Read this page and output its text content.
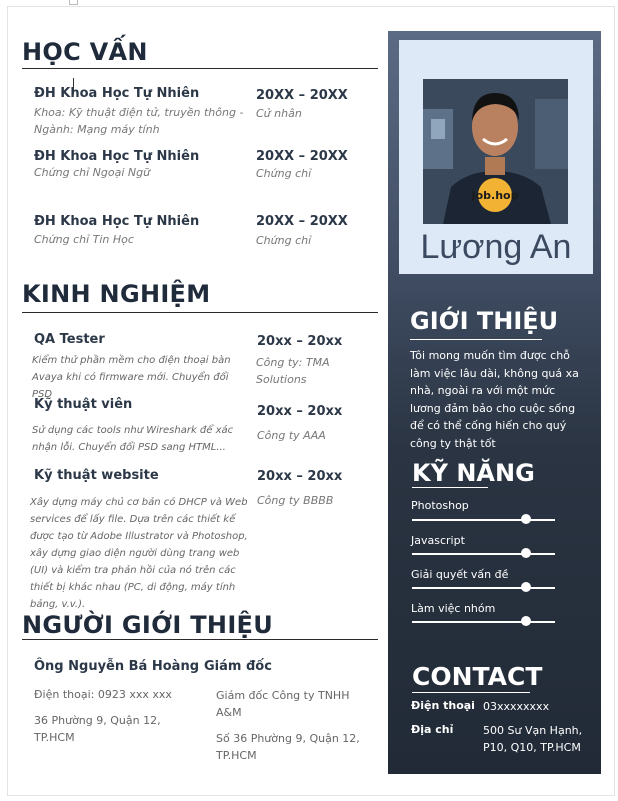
HỌC VẤN
ĐH Khoa Học Tự Nhiên
Khoa: Kỹ thuật điện tử, truyền thông -
Ngành: Mạng máy tính
20XX – 20XX
Cử nhân
ĐH Khoa Học Tự Nhiên
Chứng chỉ Ngoại Ngữ
20XX – 20XX
Chứng chỉ
ĐH Khoa Học Tự Nhiên
Chứng chỉ Tin Học
20XX – 20XX
Chứng chỉ
KINH NGHIỆM
QA Tester
Kiểm thử phần mềm cho điện thoại bàn Avaya khi có firmware mới. Chuyển đổi PSD
20xx – 20xx
Công ty: TMA Solutions
Kỹ thuật viên
Sử dụng các tools như Wireshark để xác nhận lỗi. Chuyển đổi PSD sang HTML...
20xx – 20xx
Công ty AAA
Kỹ thuật website
Xây dựng máy chủ cơ bản có DHCP và Web services để lấy file. Dựa trên các thiết kế được tạo từ Adobe Illustrator và Photoshop, xây dựng giao diện người dùng trang web (UI) và kiểm tra phản hồi của nó trên các thiết bị khác nhau (PC, di động, máy tính bảng, v.v.).
20xx – 20xx
Công ty BBBB
NGƯỜI GIỚI THIỆU
Ông Nguyễn Bá Hoàng Giám đốc
Điện thoại: 0923 xxx xxx
36 Phường 9, Quận 12, TP.HCM
Giám đốc Công ty TNHH A&M
Số 36 Phường 9, Quận 12, TP.HCM
Job.hop
Lương An
GIỚI THIỆU
Tôi mong muốn tìm được chỗ làm việc lâu dài, không quá xa nhà, ngoài ra với một mức lương đảm bảo cho cuộc sống để có thể cống hiến cho quý công ty thật tốt
KỸ NĂNG
Photoshop
Javascript
Giải quyết vấn đề
Làm việc nhóm
CONTACT
Điện thoại 03xxxxxxxx
Địa chỉ	500 Sư Vạn Hạnh, P10, Q10, TP.HCM
